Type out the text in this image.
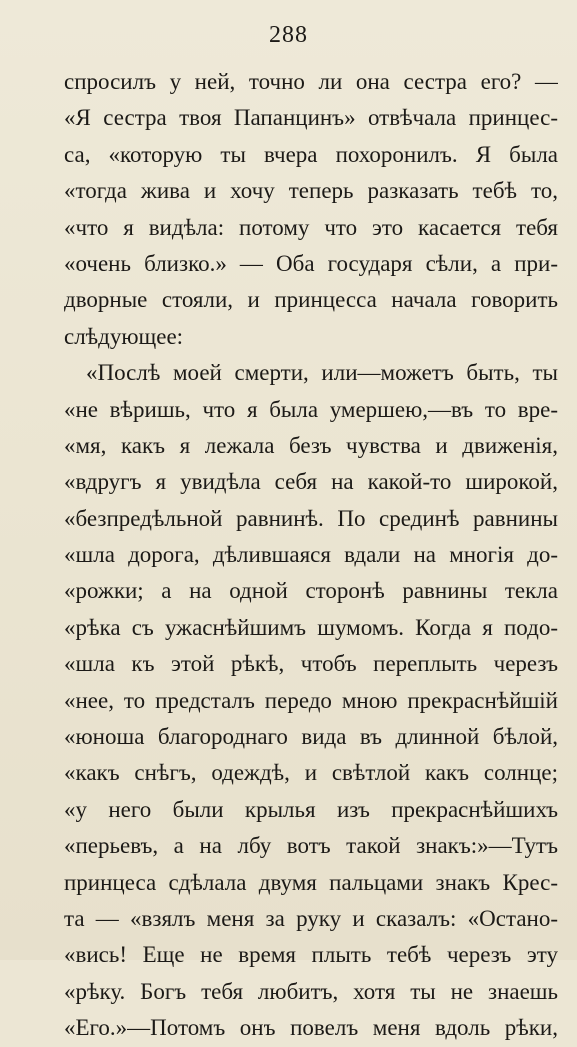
288
спросилъ у ней, точно ли она сестра его? —
«Я сестра твоя Папанцинъ» отвѣчала принцес-
са, «которую ты вчера похоронилъ. Я была
«тогда жива и хочу теперь разказать тебѣ то,
«что я видѣла: потому что это касается тебя
«очень близко.» — Оба государя сѣли, а при-
дворные стояли, и принцесса начала говорить
слѣдующее:
«Послѣ моей смерти, или—можетъ быть, ты
«не вѣришь, что я была умершею,—въ то вре-
«мя, какъ я лежала безъ чувства и движенія,
«вдругъ я увидѣла себя на какой-то широкой,
«безпредѣльной равнинѣ. По срединѣ равнины
«шла дорога, дѣлившаяся вдали на многія до-
«рожки; а на одной сторонѣ равнины текла
«рѣка съ ужаснѣйшимъ шумомъ. Когда я подо-
«шла къ этой рѣкѣ, чтобъ переплыть черезъ
«нее, то предсталъ передо мною прекраснѣйшій
«юноша благороднаго вида въ длинной бѣлой,
«какъ снѣгъ, одеждѣ, и свѣтлой какъ солнце;
«у него были крылья изъ прекраснѣйшихъ
«перьевъ, а на лбу вотъ такой знакъ:»—Тутъ
принцеса сдѣлала двумя пальцами знакъ Крес-
та — «взялъ меня за руку и сказалъ: «Остано-
«вись! Еще не время плыть тебѣ черезъ эту
«рѣку. Богъ тебя любитъ, хотя ты не знаешь
«Его.»—Потомъ онъ повелъ меня вдоль рѣки,
